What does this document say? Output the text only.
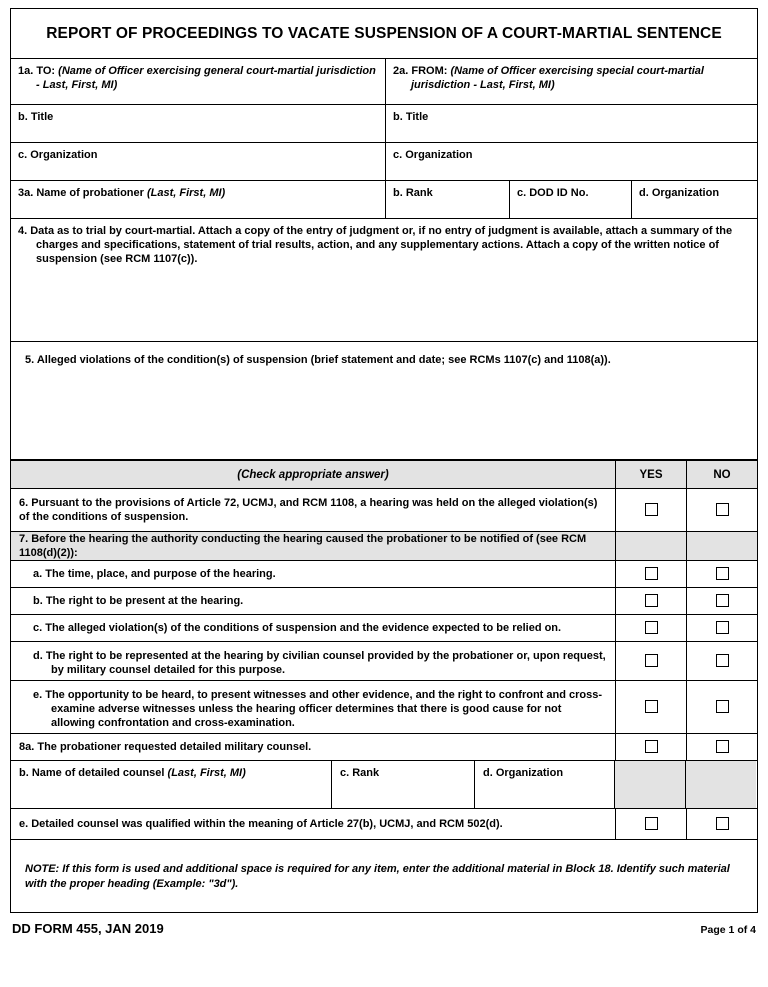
REPORT OF PROCEEDINGS TO VACATE SUSPENSION OF A COURT-MARTIAL SENTENCE
1a. TO: (Name of Officer exercising general court-martial jurisdiction - Last, First, MI)
2a. FROM: (Name of Officer exercising special court-martial jurisdiction - Last, First, MI)
b. Title	b. Title
c. Organization	c. Organization
3a. Name of probationer (Last, First, MI)	b. Rank	c. DOD ID No.	d. Organization
4. Data as to trial by court-martial. Attach a copy of the entry of judgment or, if no entry of judgment is available, attach a summary of the charges and specifications, statement of trial results, action, and any supplementary actions. Attach a copy of the written notice of suspension (see RCM 1107(c)).
5. Alleged violations of the condition(s) of suspension (brief statement and date; see RCMs 1107(c) and 1108(a)).
(Check appropriate answer)	YES	NO
6. Pursuant to the provisions of Article 72, UCMJ, and RCM 1108, a hearing was held on the alleged violation(s) of the conditions of suspension.
7. Before the hearing the authority conducting the hearing caused the probationer to be notified of (see RCM 1108(d)(2)):
a. The time, place, and purpose of the hearing.
b. The right to be present at the hearing.
c. The alleged violation(s) of the conditions of suspension and the evidence expected to be relied on.
d. The right to be represented at the hearing by civilian counsel provided by the probationer or, upon request, by military counsel detailed for this purpose.
e. The opportunity to be heard, to present witnesses and other evidence, and the right to confront and cross-examine adverse witnesses unless the hearing officer determines that there is good cause for not allowing confrontation and cross-examination.
8a. The probationer requested detailed military counsel.
b. Name of detailed counsel (Last, First, MI)	c. Rank	d. Organization
e. Detailed counsel was qualified within the meaning of Article 27(b), UCMJ, and RCM 502(d).
NOTE: If this form is used and additional space is required for any item, enter the additional material in Block 18. Identify such material with the proper heading (Example: "3d").
DD FORM 455, JAN 2019	Page 1 of 4
